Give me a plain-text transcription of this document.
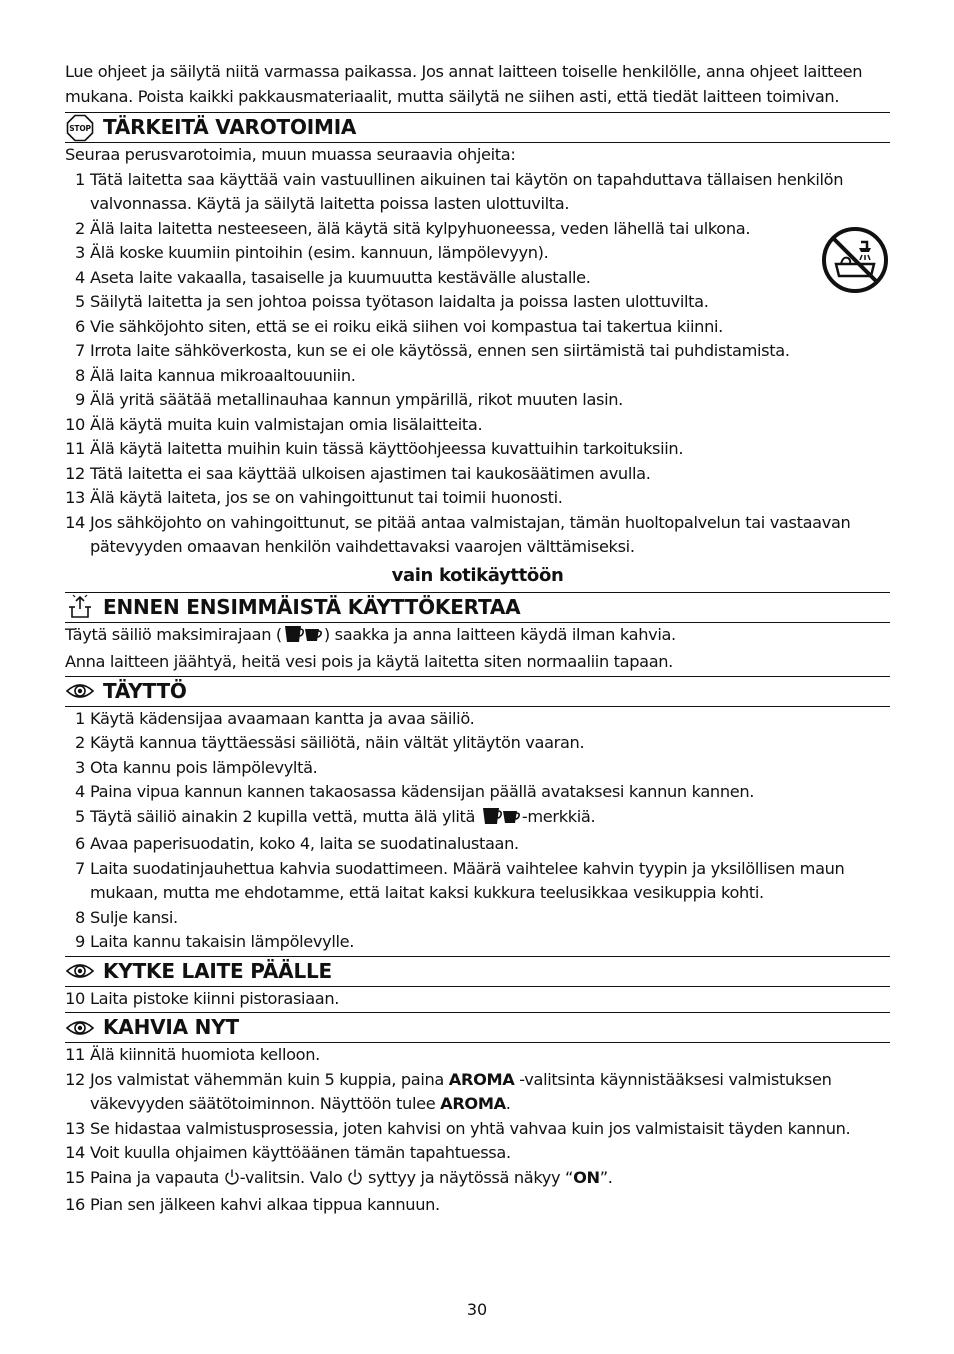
Lue ohjeet ja säilytä niitä varmassa paikassa. Jos annat laitteen toiselle henkilölle, anna ohjeet laitteen mukana. Poista kaikki pakkausmateriaalit, mutta säilytä ne siihen asti, että tiedät laitteen toimivan.

STOP TÄRKEITÄ VAROTOIMIA

Seuraa perusvarotoimia, muun muassa seuraavia ohjeita:

1 Tätä laitetta saa käyttää vain vastuullinen aikuinen tai käytön on tapahduttava tällaisen henkilön valvonnassa. Käytä ja säilytä laitetta poissa lasten ulottuvilta.
2 Älä laita laitetta nesteeseen, älä käytä sitä kylpyhuoneessa, veden lähellä tai ulkona.
3 Älä koske kuumiin pintoihin (esim. kannuun, lämpölevyyn).
4 Aseta laite vakaalla, tasaiselle ja kuumuutta kestävälle alustalle.
5 Säilytä laitetta ja sen johtoa poissa työtason laidalta ja poissa lasten ulottuvilta.
6 Vie sähköjohto siten, että se ei roiku eikä siihen voi kompastua tai takertua kiinni.
7 Irrota laite sähköverkosta, kun se ei ole käytössä, ennen sen siirtämistä tai puhdistamista.
8 Älä laita kannua mikroaaltouuniin.
9 Älä yritä säätää metallinauhaa kannun ympärillä, rikot muuten lasin.
10 Älä käytä muita kuin valmistajan omia lisälaitteita.
11 Älä käytä laitetta muihin kuin tässä käyttöohjeessa kuvattuihin tarkoituksiin.
12 Tätä laitetta ei saa käyttää ulkoisen ajastimen tai kaukosäätimen avulla.
13 Älä käytä laiteta, jos se on vahingoittunut tai toimii huonosti.
14 Jos sähköjohto on vahingoittunut, se pitää antaa valmistajan, tämän huoltopalvelun tai vastaavan pätevyyden omaavan henkilön vaihdettavaksi vaarojen välttämiseksi.
vain kotikäyttöön
ENNEN ENSIMMÄISTÄ KÄYTTÖKERTAA

Täytä säiliö maksimirajaan (	) saakka ja anna laitteen käydä ilman kahvia.

Anna laitteen jäähtyä, heitä vesi pois ja käytä laitetta siten normaaliin tapaan.

TÄYTTÖ
1 Käytä kädensijaa avaamaan kantta ja avaa säiliö.
2 Käytä kannua täyttäessäsi säiliötä, näin vältät ylitäytön vaaran.
3 Ota kannu pois lämpölevyltä.
4 Paina vipua kannun kannen takaosassa kädensijan päällä avataksesi kannun kannen.
5 Täytä säiliö ainakin 2 kupilla vettä, mutta älä ylitä	-merkkiä.
6 Avaa paperisuodatin, koko 4, laita se suodatinalustaan.
7 Laita suodatinjauhettua kahvia suodattimeen. Määrä vaihtelee kahvin tyypin ja yksilöllisen maun mukaan, mutta me ehdotamme, että laitat kaksi kukkura teelusikkaa vesikuppia kohti.
8 Sulje kansi.
9 Laita kannu takaisin lämpölevylle.
KYTKE LAITE PÄÄLLE
10 Laita pistoke kiinni pistorasiaan.
KAHVIA NYT
11 Älä kiinnitä huomiota kelloon.
12 Jos valmistat vähemmän kuin 5 kuppia, paina AROMA -valitsinta käynnistääksesi valmistuksen väkevyyden säätötoiminnon. Näyttöön tulee AROMA.
13 Se hidastaa valmistusprosessia, joten kahvisi on yhtä vahvaa kuin jos valmistaisit täyden kannun.
14 Voit kuulla ohjaimen käyttöäänen tämän tapahtuessa.
15 Paina ja vapauta -valitsin. Valo  syttyy ja näytössä näkyy “ON”.
16 Pian sen jälkeen kahvi alkaa tippua kannuun.
30
